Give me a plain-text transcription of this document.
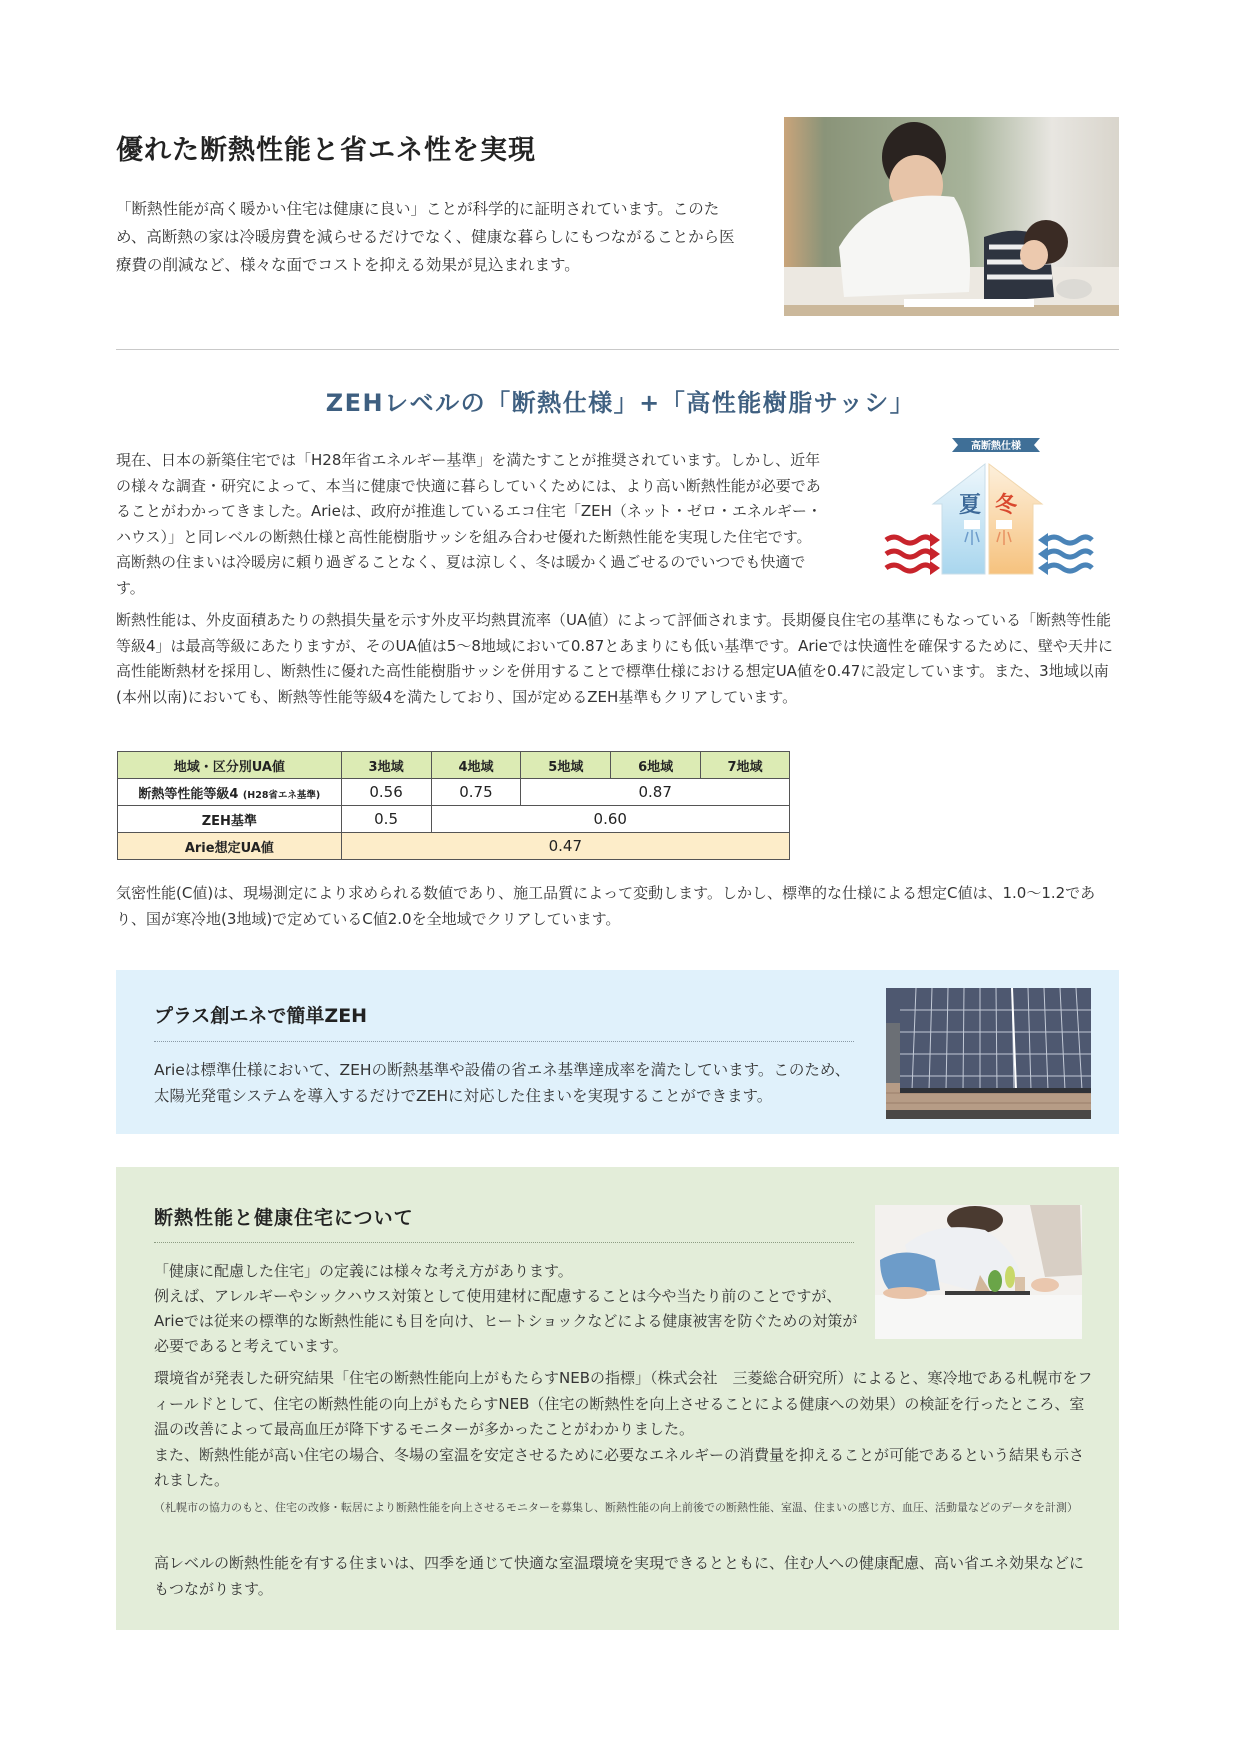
優れた断熱性能と省エネ性を実現

「断熱性能が高く暖かい住宅は健康に良い」ことが科学的に証明されています。このため、高断熱の家は冷暖房費を減らせるだけでなく、健康な暮らしにもつながることから医療費の削減など、様々な面でコストを抑える効果が見込まれます。

ZEHレベルの「断熱仕様」+「高性能樹脂サッシ」

現在、日本の新築住宅では「H28年省エネルギー基準」を満たすことが推奨されています。しかし、近年の様々な調査・研究によって、本当に健康で快適に暮らしていくためには、より高い断熱性能が必要であることがわかってきました。Arieは、政府が推進しているエコ住宅「ZEH（ネット・ゼロ・エネルギー・ハウス）」と同レベルの断熱仕様と高性能樹脂サッシを組み合わせ優れた断熱性能を実現した住宅です。高断熱の住まいは冷暖房に頼り過ぎることなく、夏は涼しく、冬は暖かく過ごせるのでいつでも快適です。

高断熱仕様
夏 冬

断熱性能は、外皮面積あたりの熱損失量を示す外皮平均熱貫流率（UA値）によって評価されます。長期優良住宅の基準にもなっている「断熱等性能等級4」は最高等級にあたりますが、そのUA値は5〜8地域において0.87とあまりにも低い基準です。Arieでは快適性を確保するために、壁や天井に高性能断熱材を採用し、断熱性に優れた高性能樹脂サッシを併用することで標準仕様における想定UA値を0.47に設定しています。また、3地域以南(本州以南)においても、断熱等性能等級4を満たしており、国が定めるZEH基準もクリアしています。

地域・区分別UA値	3地域	4地域	5地域	6地域	7地域
断熱等性能等級4 (H28省エネ基準)	0.56	0.75	0.87		
ZEH基準	0.5	0.60			
Arie想定UA値	0.47				

気密性能(C値)は、現場測定により求められる数値であり、施工品質によって変動します。しかし、標準的な仕様による想定C値は、1.0〜1.2であり、国が寒冷地(3地域)で定めているC値2.0を全地域でクリアしています。

プラス創エネで簡単ZEH

Arieは標準仕様において、ZEHの断熱基準や設備の省エネ基準達成率を満たしています。このため、太陽光発電システムを導入するだけでZEHに対応した住まいを実現することができます。

断熱性能と健康住宅について

「健康に配慮した住宅」の定義には様々な考え方があります。
例えば、アレルギーやシックハウス対策として使用建材に配慮することは今や当たり前のことですが、Arieでは従来の標準的な断熱性能にも目を向け、ヒートショックなどによる健康被害を防ぐための対策が必要であると考えています。

環境省が発表した研究結果「住宅の断熱性能向上がもたらすNEBの指標」（株式会社　三菱総合研究所）によると、寒冷地である札幌市をフィールドとして、住宅の断熱性能の向上がもたらすNEB（住宅の断熱性を向上させることによる健康への効果）の検証を行ったところ、室温の改善によって最高血圧が降下するモニターが多かったことがわかりました。
また、断熱性能が高い住宅の場合、冬場の室温を安定させるために必要なエネルギーの消費量を抑えることが可能であるという結果も示されました。

（札幌市の協力のもと、住宅の改修・転居により断熱性能を向上させるモニターを募集し、断熱性能の向上前後での断熱性能、室温、住まいの感じ方、血圧、活動量などのデータを計測）

高レベルの断熱性能を有する住まいは、四季を通じて快適な室温環境を実現できるとともに、住む人への健康配慮、高い省エネ効果などにもつながります。
